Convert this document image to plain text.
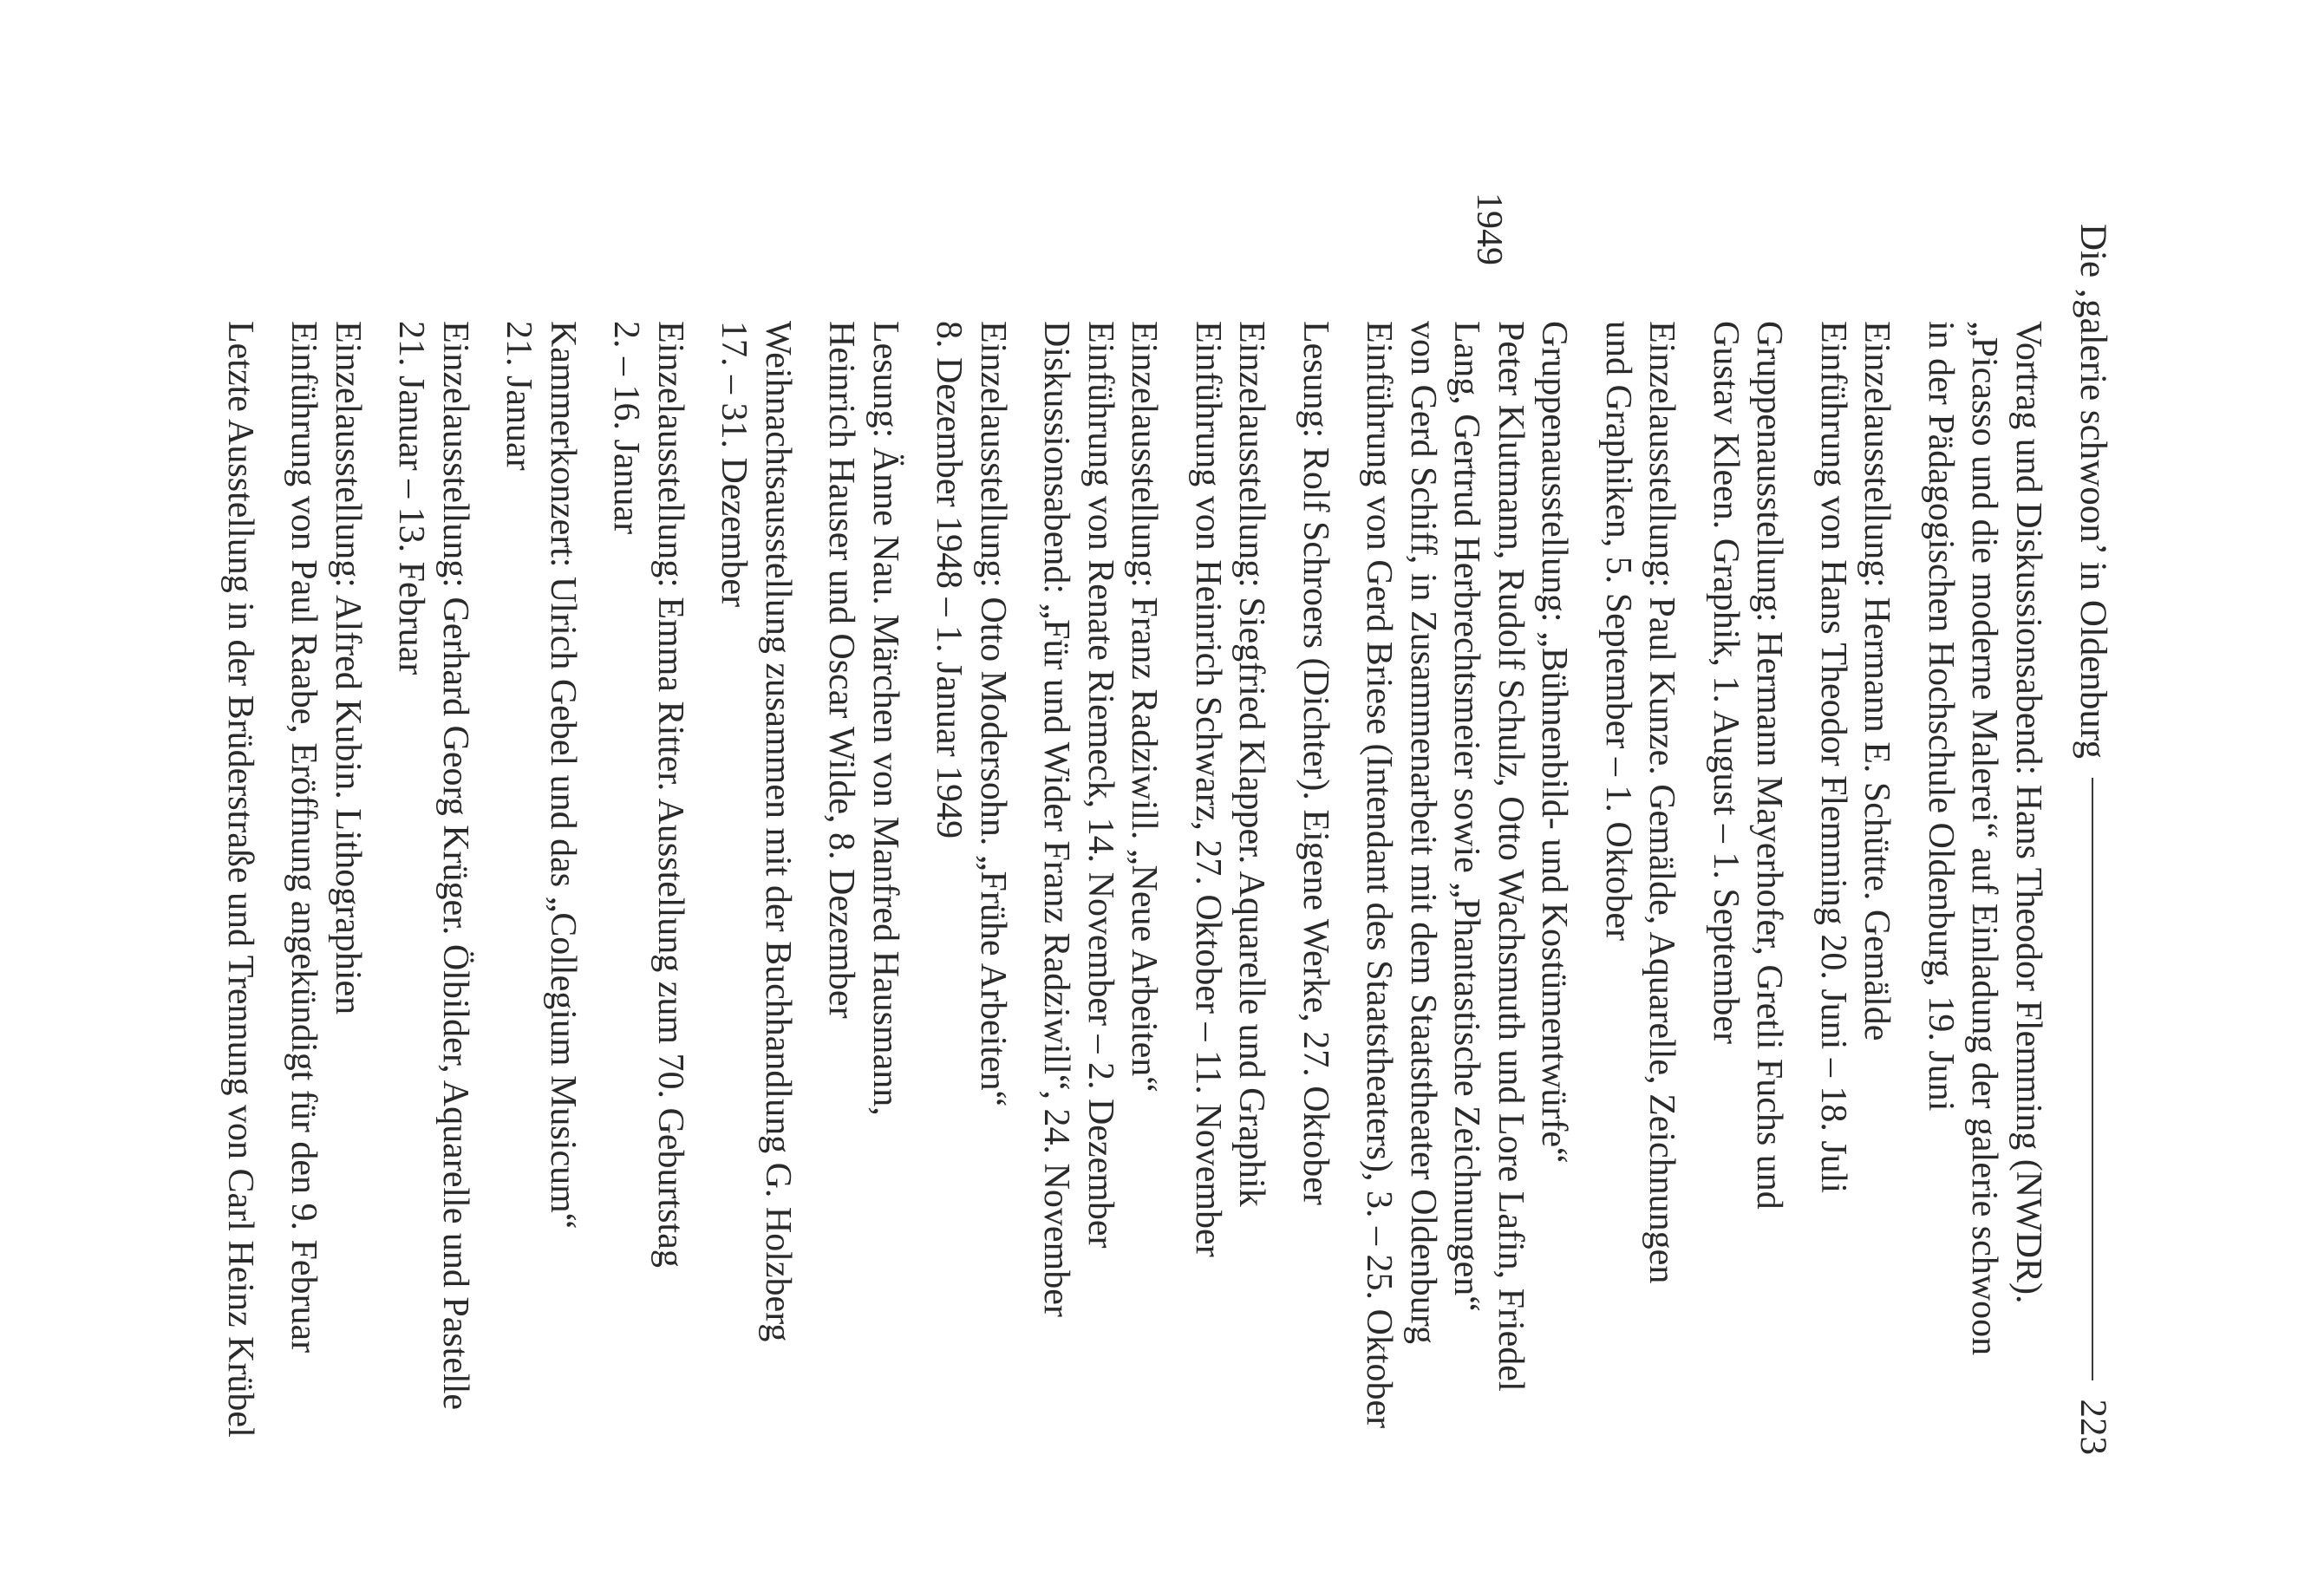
Die ‚galerie schwoon’ in Oldenburg
223
1949
Vortrag und Diskussionsabend: Hans Theodor Flemming (NWDR).
„Picasso und die moderne Malerei“ auf Einladung der galerie schwoon
in der Pädagogischen Hochschule Oldenburg, 19. Juni
Einzelausstellung: Hermann E. Schütte. Gemälde
Einführung von Hans Theodor Flemming 20. Juni – 18. Juli
Gruppenausstellung: Hermann Mayerhofer, Gretli Fuchs und
Gustav Kleen. Graphik, 1. August – 1. September
Einzelausstellung: Paul Kunze. Gemälde, Aquarelle, Zeichnungen
und Graphiken, 5. September – 1. Oktober
Gruppenausstellung: „Bühnenbild- und Kostümentwürfe“
Peter Klutmann, Rudolf Schulz, Otto Wachsmuth und Lore Lafin, Friedel
Lang, Gertrud Herbrechtsmeier sowie „Phantastische Zeichnungen“
von Gerd Schiff, in Zusammenarbeit mit dem Staatstheater Oldenburg
Einführung von Gerd Briese (Intendant des Staatstheaters), 3. – 25. Oktober
Lesung: Rolf Schroers (Dichter). Eigene Werke, 27. Oktober
Einzelausstellung: Siegfried Klapper. Aquarelle und Graphik
Einführung von Heinrich Schwarz, 27. Oktober – 11. November
Einzelausstellung: Franz Radziwill. „Neue Arbeiten“
Einführung von Renate Riemeck, 14. November – 2. Dezember
Diskussionsabend: „Für und Wider Franz Radziwill“, 24. November
Einzelausstellung: Otto Modersohn. „Frühe Arbeiten“
8. Dezember 1948 – 1. Januar 1949
Lesung: Änne Nau. Märchen von Manfred Hausmann,
Heinrich Hauser und Oscar Wilde, 8. Dezember
Weihnachtsausstellung zusammen mit der Buchhandlung G. Holzberg
17. – 31. Dezember
Einzelausstellung: Emma Ritter. Ausstellung zum 70. Geburtstag
2. – 16. Januar
Kammerkonzert: Ulrich Gebel und das „Collegium Musicum“
21. Januar
Einzelausstellung: Gerhard Georg Krüger. Ölbilder, Aquarelle und Pastelle
21. Januar – 13. Februar
Einzelausstellung: Alfred Kubin. Lithographien
Einführung von Paul Raabe, Eröffnung angekündigt für den 9. Februar
Letzte Ausstellung in der Brüderstraße und Trennung von Carl Heinz Krübel
